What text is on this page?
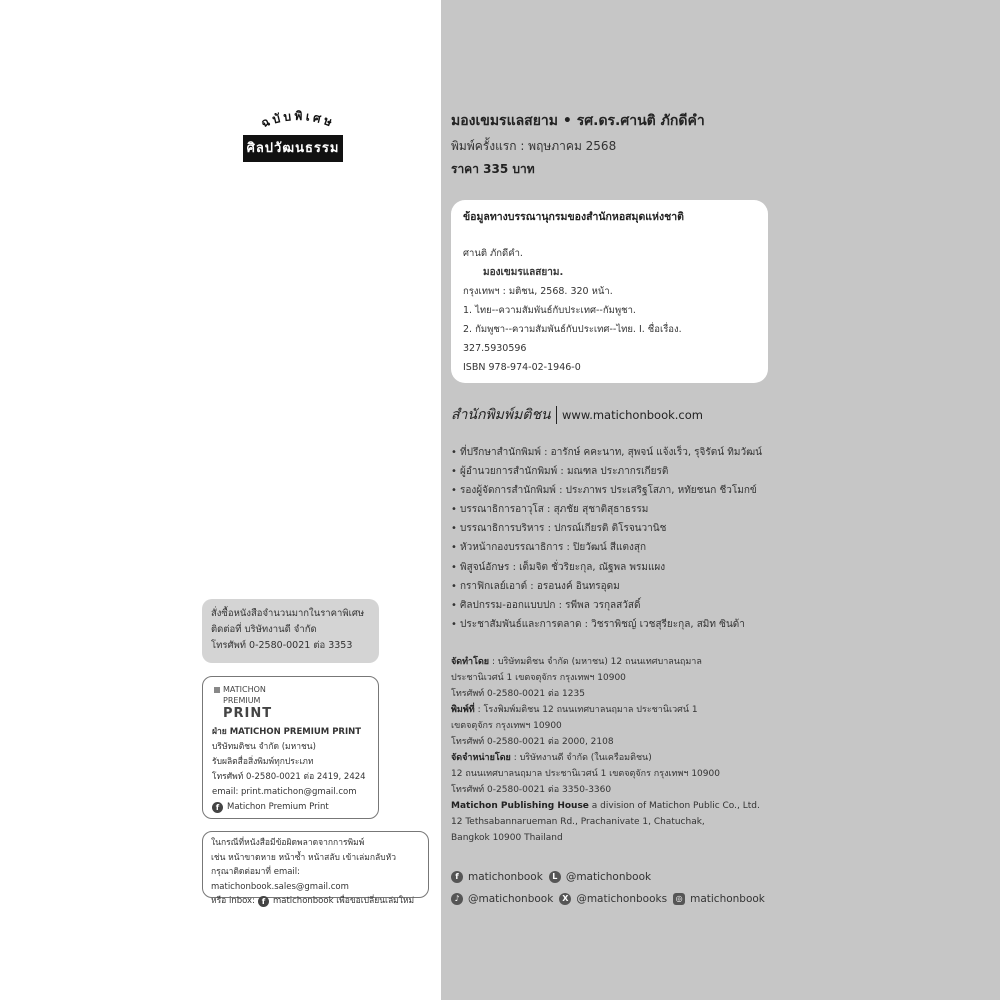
ฉบับพิเศษ
ศิลปวัฒนธรรม
สั่งซื้อหนังสือจำนวนมากในราคาพิเศษ
ติดต่อที่ บริษัทงานดี จำกัด
โทรศัพท์ 0-2580-0021 ต่อ 3353
MATICHON
PREMIUM
PRINT
ฝ่าย MATICHON PREMIUM PRINT
บริษัทมติชน จำกัด (มหาชน)
รับผลิตสื่อสิ่งพิมพ์ทุกประเภท
โทรศัพท์ 0-2580-0021 ต่อ 2419, 2424
email: print.matichon@gmail.com
f Matichon Premium Print
ในกรณีที่หนังสือมีข้อผิดพลาดจากการพิมพ์
เช่น หน้าขาดหาย หน้าซ้ำ หน้าสลับ เข้าเล่มกลับหัว
กรุณาติดต่อมาที่ email: matichonbook.sales@gmail.com
หรือ inbox: f matichonbook เพื่อขอเปลี่ยนเล่มใหม่
มองเขมรแลสยาม • รศ.ดร.ศานติ ภักดีคำ
พิมพ์ครั้งแรก : พฤษภาคม 2568
ราคา 335 บาท
ข้อมูลทางบรรณานุกรมของสำนักหอสมุดแห่งชาติ
ศานติ ภักดีคำ.
มองเขมรแลสยาม.
กรุงเทพฯ : มติชน, 2568. 320 หน้า.
1. ไทย--ความสัมพันธ์กับประเทศ--กัมพูชา.
2. กัมพูชา--ความสัมพันธ์กับประเทศ--ไทย. I. ชื่อเรื่อง.
327.5930596
ISBN 978-974-02-1946-0
สำนักพิมพ์มติชน www.matichonbook.com
• ที่ปรึกษาสำนักพิมพ์ : อารักษ์ คคะนาท, สุพจน์ แจ้งเร็ว, รุจิรัตน์ ทิมวัฒน์
• ผู้อำนวยการสำนักพิมพ์ : มณฑล ประภากรเกียรติ
• รองผู้จัดการสำนักพิมพ์ : ประภาพร ประเสริฐโสภา, หทัยชนก ชีวโมกข์
• บรรณาธิการอาวุโส : สุภชัย สุชาติสุธาธรรม
• บรรณาธิการบริหาร : ปกรณ์เกียรติ ติโรจนวานิช
• หัวหน้ากองบรรณาธิการ : ปิยวัฒน์ สีแตงสุก
• พิสูจน์อักษร : เต็มจิต ชั่วริยะกุล, ณัฐพล พรมแผง
• กราฟิกเลย์เอาต์ : อรอนงค์ อินทรอุดม
• ศิลปกรรม-ออกแบบปก : รพีพล วรกุลสวัสดิ์
• ประชาสัมพันธ์และการตลาด : วิชราพิชญ์ เวชสุรียะกุล, สมิท ซินด้า
จัดทำโดย : บริษัทมติชน จำกัด (มหาชน) 12 ถนนเทศบาลนฤมาล
ประชานิเวศน์ 1 เขตจตุจักร กรุงเทพฯ 10900
โทรศัพท์ 0-2580-0021 ต่อ 1235
พิมพ์ที่ : โรงพิมพ์มติชน 12 ถนนเทศบาลนฤมาล ประชานิเวศน์ 1
เขตจตุจักร กรุงเทพฯ 10900
โทรศัพท์ 0-2580-0021 ต่อ 2000, 2108
จัดจำหน่ายโดย : บริษัทงานดี จำกัด (ในเครือมติชน)
12 ถนนเทศบาลนฤมาล ประชานิเวศน์ 1 เขตจตุจักร กรุงเทพฯ 10900
โทรศัพท์ 0-2580-0021 ต่อ 3350-3360
Matichon Publishing House a division of Matichon Public Co., Ltd.
12 Tethsabannarueman Rd., Prachanivate 1, Chatuchak,
Bangkok 10900 Thailand
f matichonbook	L @matichonbook
♪ @matichonbook	X @matichonbooks	◎ matichonbook
